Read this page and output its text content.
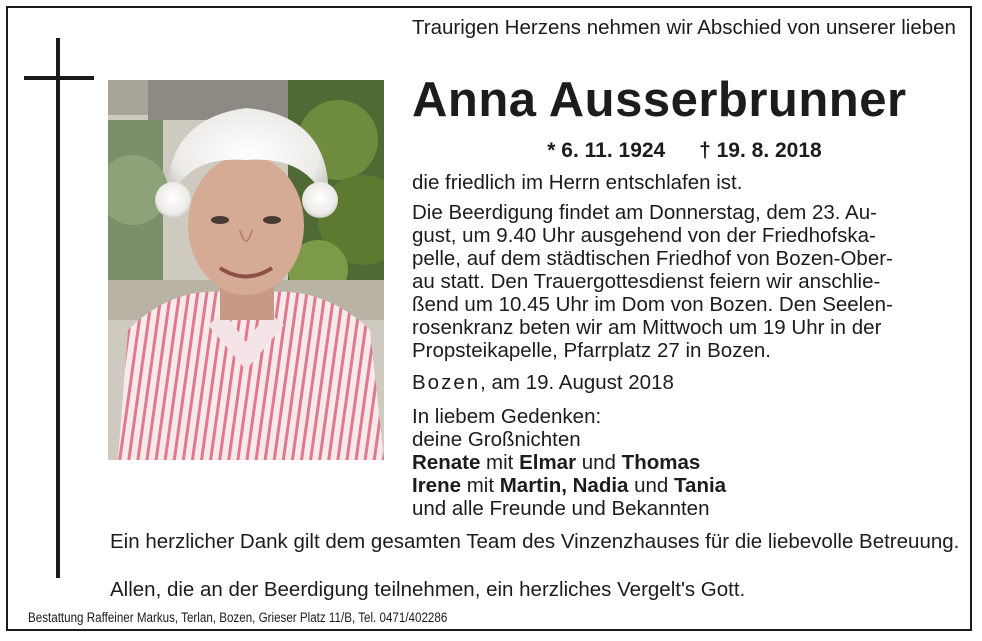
Traurigen Herzens nehmen wir Abschied von unserer lieben
Anna Ausserbrunner
* 6. 11. 1924 † 19. 8. 2018
die friedlich im Herrn entschlafen ist.
Die Beerdigung findet am Donnerstag, dem 23. Au-
gust, um 9.40 Uhr ausgehend von der Friedhofska-
pelle, auf dem städtischen Friedhof von Bozen-Ober-
au statt. Den Trauergottesdienst feiern wir anschlie-
ßend um 10.45 Uhr im Dom von Bozen. Den Seelen-
rosenkranz beten wir am Mittwoch um 19 Uhr in der
Propsteikapelle, Pfarrplatz 27 in Bozen.
Bozen, am 19. August 2018
In liebem Gedenken:
deine Großnichten
Renate mit Elmar und Thomas
Irene mit Martin, Nadia und Tania
und alle Freunde und Bekannten
Ein herzlicher Dank gilt dem gesamten Team des Vinzenzhauses für die liebevolle Betreuung.
Allen, die an der Beerdigung teilnehmen, ein herzliches Vergelt's Gott.
Bestattung Raffeiner Markus, Terlan, Bozen, Grieser Platz 11/B, Tel. 0471/402286
